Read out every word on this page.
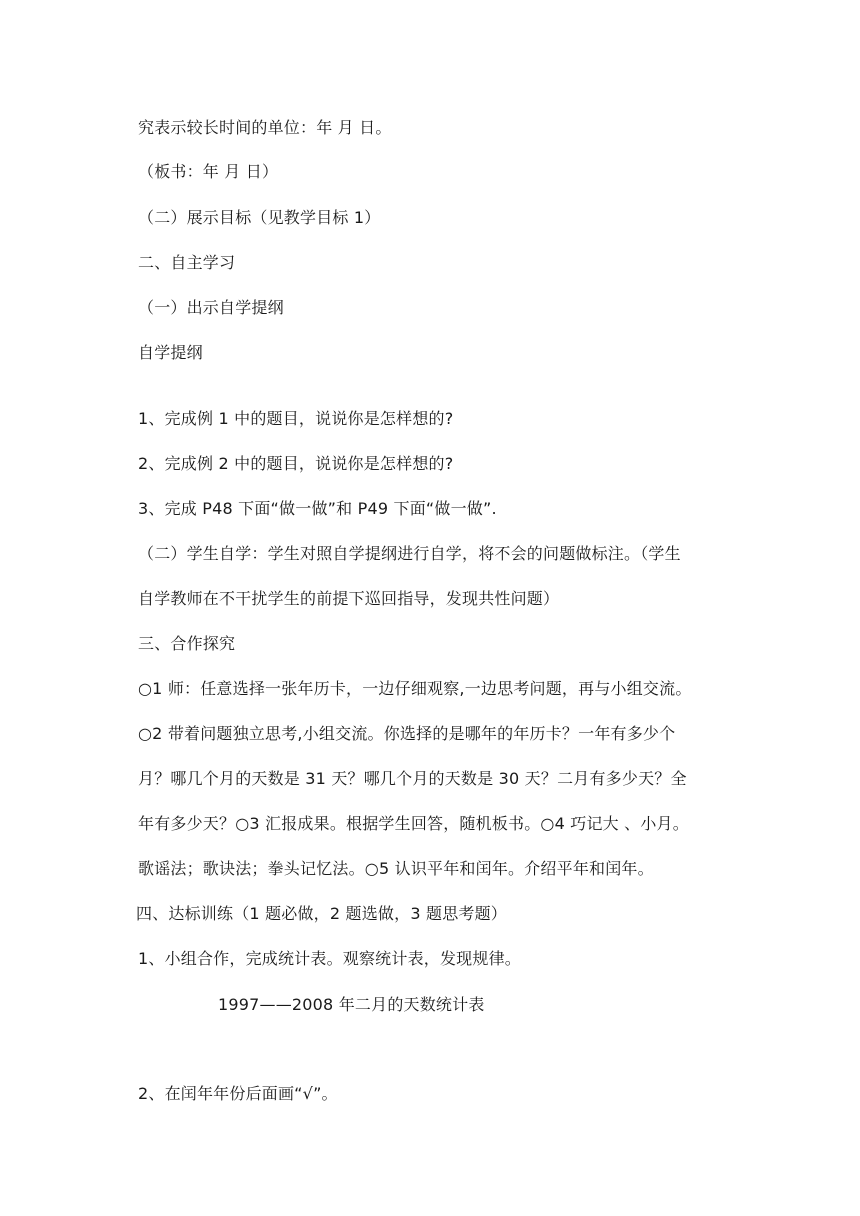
究表示较长时间的单位：年 月 日。
（板书：年 月 日）
（二）展示目标（见教学目标 1）
二、自主学习
（一）出示自学提纲
自学提纲
1、完成例 1 中的题目，说说你是怎样想的?
2、完成例 2 中的题目，说说你是怎样想的?
3、完成 P48 下面“做一做”和 P49 下面“做一做”.
（二）学生自学：学生对照自学提纲进行自学，将不会的问题做标注。（学生
自学教师在不干扰学生的前提下巡回指导，发现共性问题）
三、合作探究
○1 师：任意选择一张年历卡，一边仔细观察,一边思考问题，再与小组交流。
○2 带着问题独立思考,小组交流。你选择的是哪年的年历卡？一年有多少个
月？哪几个月的天数是 31 天？哪几个月的天数是 30 天？二月有多少天？全
年有多少天？○3 汇报成果。根据学生回答，随机板书。○4 巧记大 、小月。
歌谣法；歌诀法；拳头记忆法。○5 认识平年和闰年。介绍平年和闰年。
四、达标训练（1 题必做，2 题选做，3 题思考题）
1、小组合作，完成统计表。观察统计表，发现规律。
1997——2008 年二月的天数统计表
2、在闰年年份后面画“√”。
